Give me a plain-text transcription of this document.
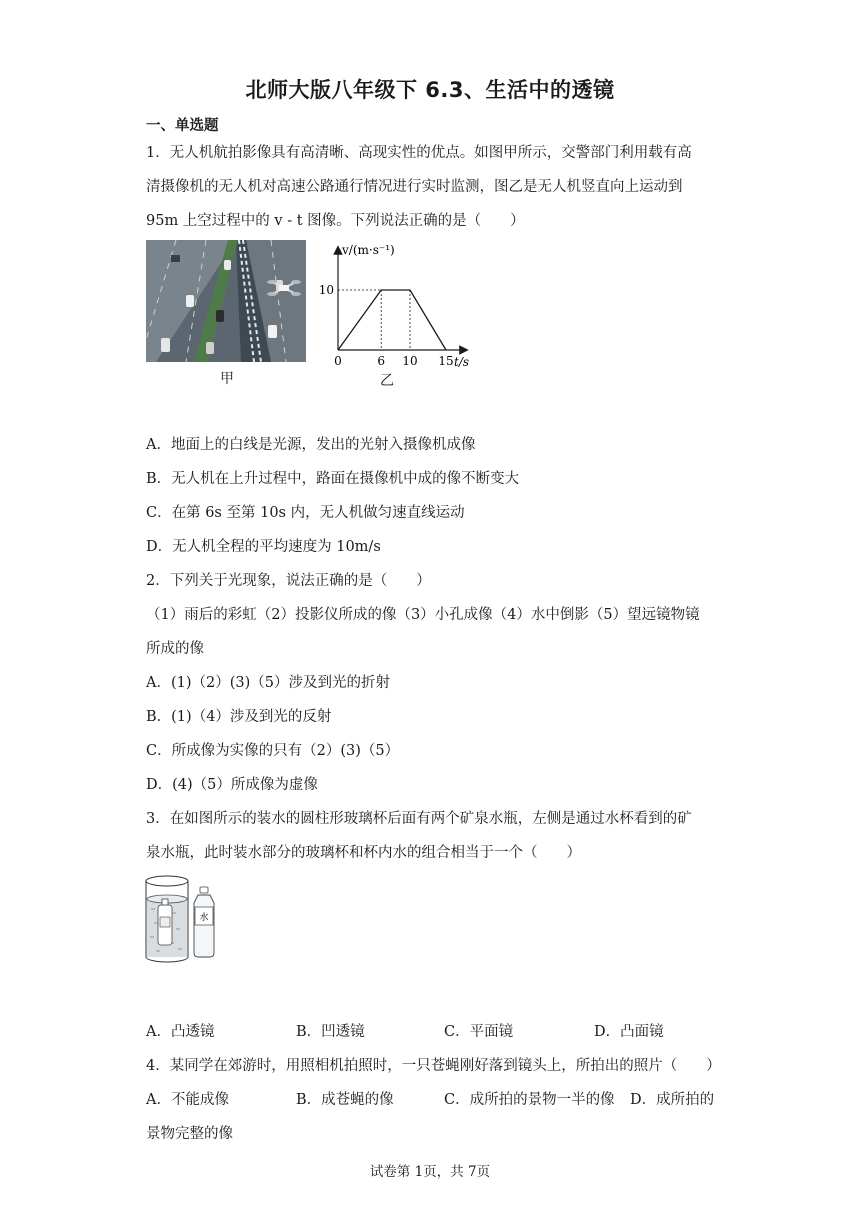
北师大版八年级下 6.3、生活中的透镜
一、单选题
1．无人机航拍影像具有高清晰、高现实性的优点。如图甲所示，交警部门利用载有高
清摄像机的无人机对高速公路通行情况进行实时监测，图乙是无人机竖直向上运动到
95m 上空过程中的 v - t 图像。下列说法正确的是（　　）
甲
v/(m·s⁻¹)
t/s
10
0	6 10 15
乙
A．地面上的白线是光源，发出的光射入摄像机成像
B．无人机在上升过程中，路面在摄像机中成的像不断变大
C．在第 6s 至第 10s 内，无人机做匀速直线运动
D．无人机全程的平均速度为 10m/s
2．下列关于光现象，说法正确的是（　　）
（1）雨后的彩虹（2）投影仪所成的像（3）小孔成像（4）水中倒影（5）望远镜物镜
所成的像
A．(1)（2）(3)（5）涉及到光的折射
B．(1)（4）涉及到光的反射
C．所成像为实像的只有（2）(3)（5）
D．(4)（5）所成像为虚像
3．在如图所示的装水的圆柱形玻璃杯后面有两个矿泉水瓶，左侧是通过水杯看到的矿
泉水瓶，此时装水部分的玻璃杯和杯内水的组合相当于一个（　　）
水
A．凸透镜	B．凹透镜	C．平面镜	D．凸面镜
4．某同学在郊游时，用照相机拍照时，一只苍蝇刚好落到镜头上，所拍出的照片（　　）
A．不能成像	B．成苍蝇的像	C．成所拍的景物一半的像 D．成所拍的
景物完整的像
试卷第 1页，共 7页
